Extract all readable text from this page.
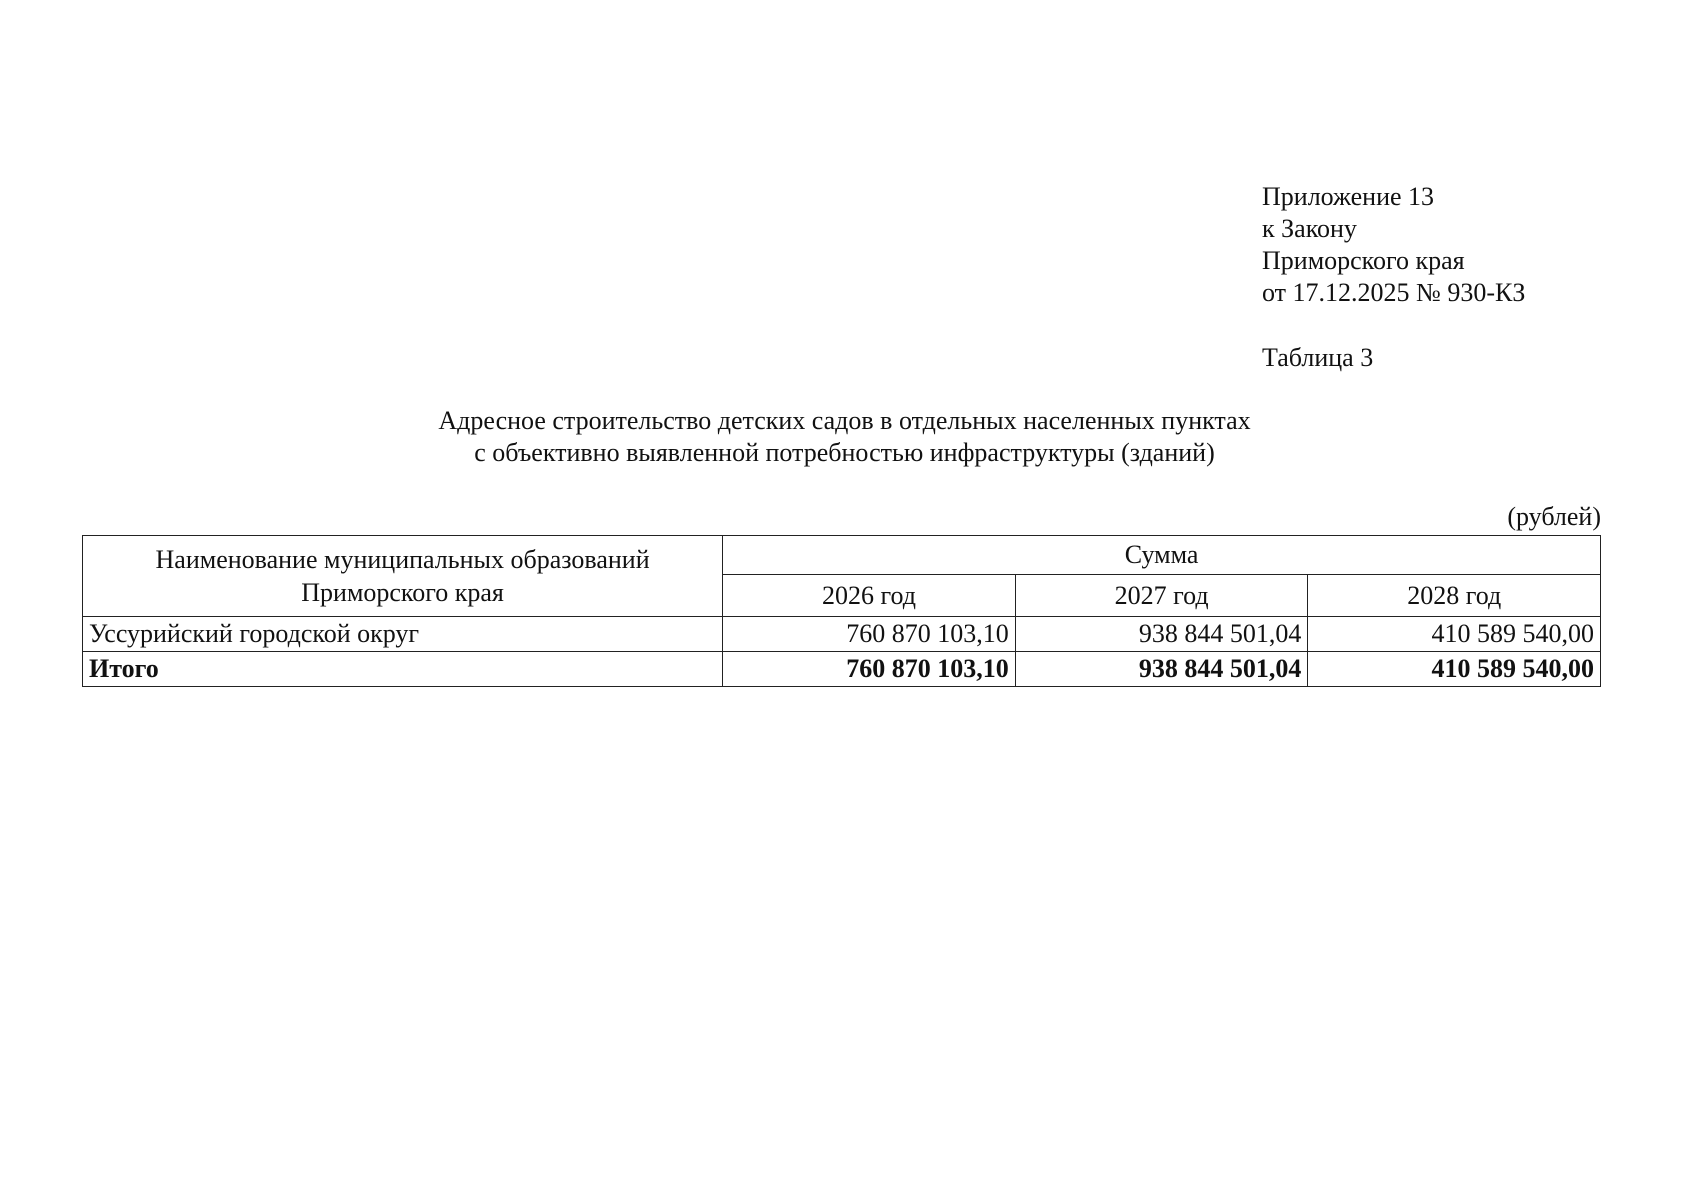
Приложение 13
к Закону
Приморского края
от 17.12.2025 № 930-КЗ
Таблица 3
Адресное строительство детских садов в отдельных населенных пунктах
с объективно выявленной потребностью инфраструктуры (зданий)
(рублей)
Наименование муниципальных образований
Приморского края	Сумма		
	2026 год	2027 год	2028 год
Уссурийский городской округ	760 870 103,10	938 844 501,04	410 589 540,00
Итого	760 870 103,10	938 844 501,04	410 589 540,00
